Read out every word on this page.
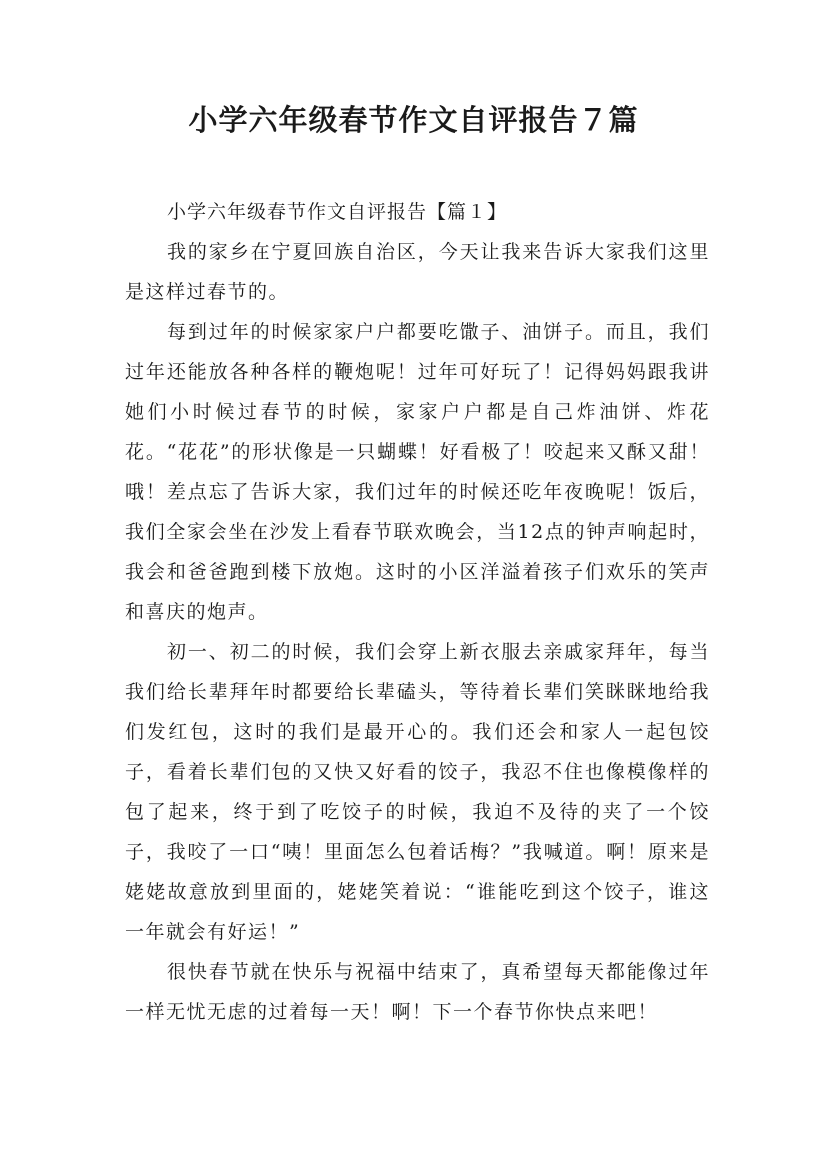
小学六年级春节作文自评报告７篇

小学六年级春节作文自评报告【篇１】

我的家乡在宁夏回族自治区，今天让我来告诉大家我们这里是这样过春节的。

每到过年的时候家家户户都要吃馓子、油饼子。而且，我们过年还能放各种各样的鞭炮呢！过年可好玩了！记得妈妈跟我讲她们小时候过春节的时候，家家户户都是自己炸油饼、炸花花。“花花”的形状像是一只蝴蝶！好看极了！咬起来又酥又甜！哦！差点忘了告诉大家，我们过年的时候还吃年夜晚呢！饭后，我们全家会坐在沙发上看春节联欢晚会，当12点的钟声响起时，我会和爸爸跑到楼下放炮。这时的小区洋溢着孩子们欢乐的笑声和喜庆的炮声。

初一、初二的时候，我们会穿上新衣服去亲戚家拜年，每当我们给长辈拜年时都要给长辈磕头，等待着长辈们笑眯眯地给我们发红包，这时的我们是最开心的。我们还会和家人一起包饺子，看着长辈们包的又快又好看的饺子，我忍不住也像模像样的包了起来，终于到了吃饺子的时候，我迫不及待的夹了一个饺子，我咬了一口“咦！里面怎么包着话梅？”我喊道。啊！原来是姥姥故意放到里面的，姥姥笑着说：“谁能吃到这个饺子，谁这一年就会有好运！”

很快春节就在快乐与祝福中结束了，真希望每天都能像过年一样无忧无虑的过着每一天！啊！下一个春节你快点来吧！
